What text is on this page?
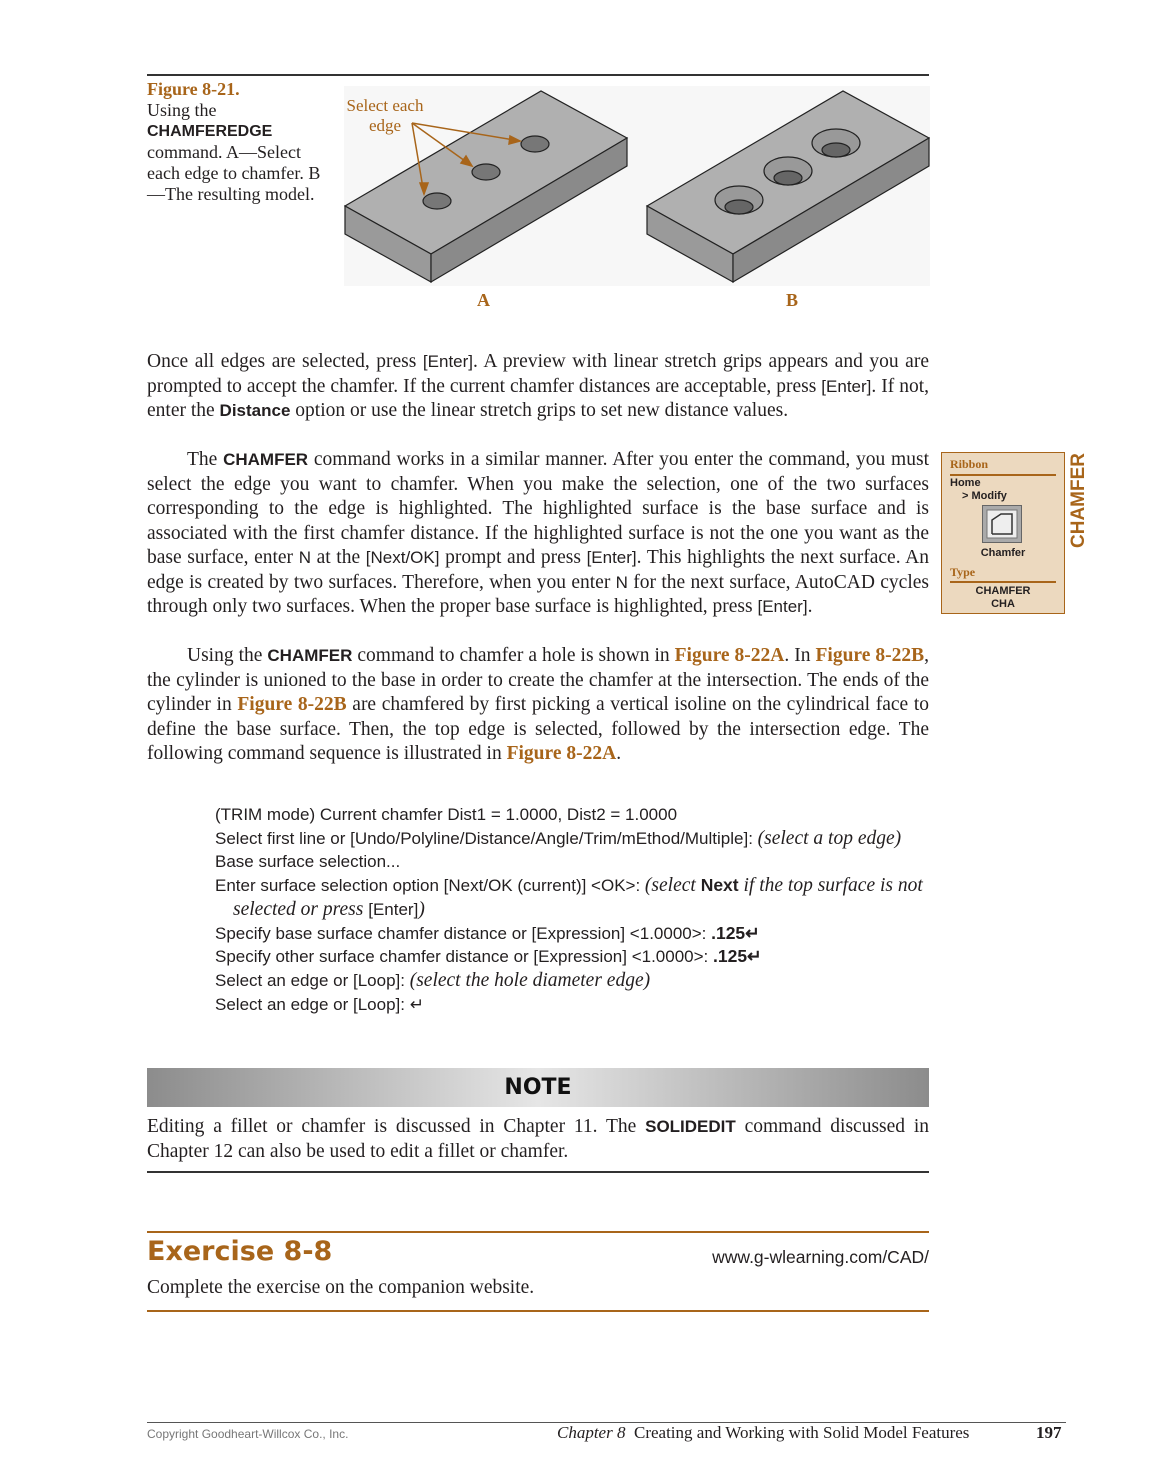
Figure 8-21.
Using the
CHAMFEREDGE
command. A—Select each edge to chamfer. B—The resulting model.
Select each edge
A	B
Once all edges are selected, press [Enter]. A preview with linear stretch grips appears and you are prompted to accept the chamfer. If the current chamfer distances are acceptable, press [Enter]. If not, enter the Distance option or use the linear stretch grips to set new distance values.
The CHAMFER command works in a similar manner. After you enter the command, you must select the edge you want to chamfer. When you make the selection, one of the two surfaces corresponding to the edge is highlighted. The highlighted surface is the base surface and is associated with the first chamfer distance. If the highlighted surface is not the one you want as the base surface, enter N at the [Next/OK] prompt and press [Enter]. This highlights the next surface. An edge is created by two surfaces. Therefore, when you enter N for the next surface, AutoCAD cycles through only two surfaces. When the proper base surface is highlighted, press [Enter].
Using the CHAMFER command to chamfer a hole is shown in Figure 8-22A. In Figure 8-22B, the cylinder is unioned to the base in order to create the chamfer at the intersection. The ends of the cylinder in Figure 8-22B are chamfered by first picking a vertical isoline on the cylindrical face to define the base surface. Then, the top edge is selected, followed by the intersection edge. The following command sequence is illustrated in Figure 8-22A.
(TRIM mode) Current chamfer Dist1 = 1.0000, Dist2 = 1.0000
Select first line or [Undo/Polyline/Distance/Angle/Trim/mEthod/Multiple]: (select a top edge)
Base surface selection...
Enter surface selection option [Next/OK (current)] <OK>: (select Next if the top surface is not selected or press [Enter])
Specify base surface chamfer distance or [Expression] <1.0000>: .125↵
Specify other surface chamfer distance or [Expression] <1.0000>: .125↵
Select an edge or [Loop]: (select the hole diameter edge)
Select an edge or [Loop]: ↵
Ribbon
Home
> Modify
Chamfer
Type
CHAMFER
CHA
CHAMFER
NOTE
Editing a fillet or chamfer is discussed in Chapter 11. The SOLIDEDIT command discussed in Chapter 12 can also be used to edit a fillet or chamfer.
Exercise 8-8	www.g-wlearning.com/CAD/
Complete the exercise on the companion website.
Copyright Goodheart-Willcox Co., Inc.	Chapter 8 Creating and Working with Solid Model Features	197
